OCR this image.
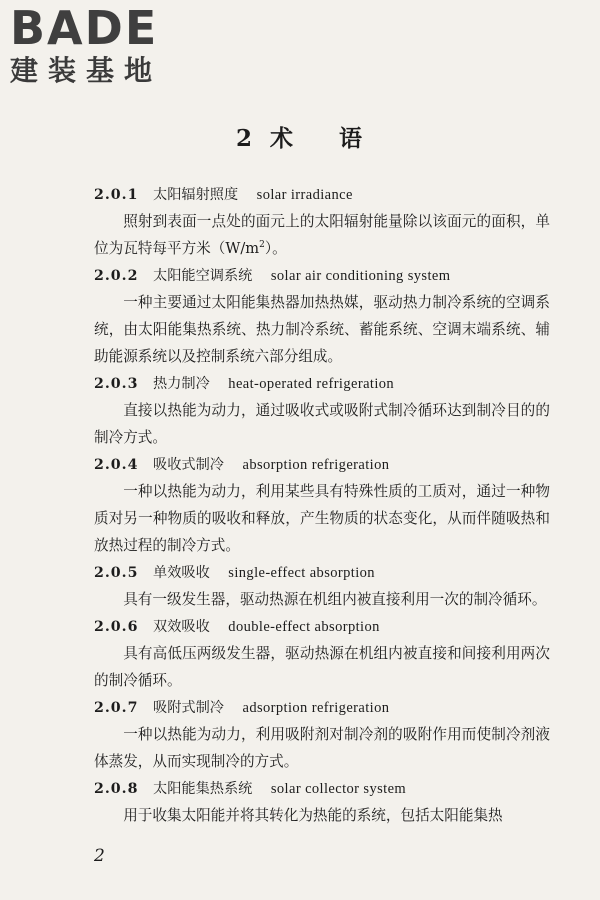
BADE
建装基地
2 术 语
2.0.1 太阳辐射照度 solar irradiance

照射到表面一点处的面元上的太阳辐射能量除以该面元的面积，单位为瓦特每平方米$(W/m^2)$。

2.0.2 太阳能空调系统 solar air conditioning system

一种主要通过太阳能集热器加热热媒，驱动热力制冷系统的空调系统，由太阳能集热系统、热力制冷系统、蓄能系统、空调末端系统、辅助能源系统以及控制系统六部分组成。

2.0.3 热力制冷 heat-operated refrigeration

直接以热能为动力，通过吸收式或吸附式制冷循环达到制冷目的的制冷方式。

2.0.4 吸收式制冷 absorption refrigeration

一种以热能为动力，利用某些具有特殊性质的工质对，通过一种物质对另一种物质的吸收和释放，产生物质的状态变化，从而伴随吸热和放热过程的制冷方式。

2.0.5 单效吸收 single-effect absorption

具有一级发生器，驱动热源在机组内被直接利用一次的制冷循环。

2.0.6 双效吸收 double-effect absorption

具有高低压两级发生器，驱动热源在机组内被直接和间接利用两次的制冷循环。

2.0.7 吸附式制冷 adsorption refrigeration

一种以热能为动力，利用吸附剂对制冷剂的吸附作用而使制冷剂液体蒸发，从而实现制冷的方式。

2.0.8 太阳能集热系统 solar collector system

用于收集太阳能并将其转化为热能的系统，包括太阳能集热

2
